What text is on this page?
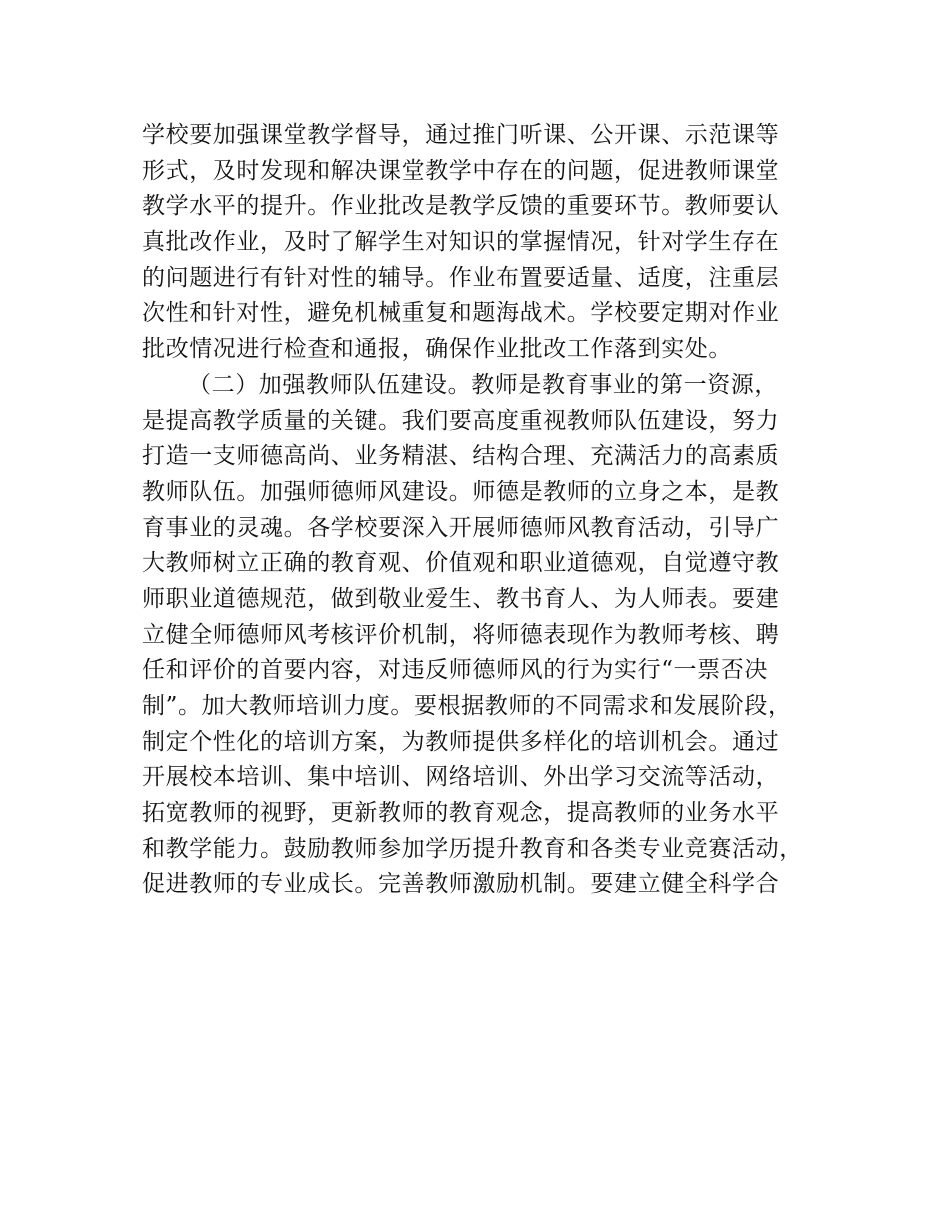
学校要加强课堂教学督导，通过推门听课、公开课、示范课等
形式，及时发现和解决课堂教学中存在的问题，促进教师课堂
教学水平的提升。作业批改是教学反馈的重要环节。教师要认
真批改作业，及时了解学生对知识的掌握情况，针对学生存在
的问题进行有针对性的辅导。作业布置要适量、适度，注重层
次性和针对性，避免机械重复和题海战术。学校要定期对作业
批改情况进行检查和通报，确保作业批改工作落到实处。
（二）加强教师队伍建设。教师是教育事业的第一资源，
是提高教学质量的关键。我们要高度重视教师队伍建设，努力
打造一支师德高尚、业务精湛、结构合理、充满活力的高素质
教师队伍。加强师德师风建设。师德是教师的立身之本，是教
育事业的灵魂。各学校要深入开展师德师风教育活动，引导广
大教师树立正确的教育观、价值观和职业道德观，自觉遵守教
师职业道德规范，做到敬业爱生、教书育人、为人师表。要建
立健全师德师风考核评价机制，将师德表现作为教师考核、聘
任和评价的首要内容，对违反师德师风的行为实行“一票否决
制”。加大教师培训力度。要根据教师的不同需求和发展阶段，
制定个性化的培训方案，为教师提供多样化的培训机会。通过
开展校本培训、集中培训、网络培训、外出学习交流等活动，
拓宽教师的视野，更新教师的教育观念，提高教师的业务水平
和教学能力。鼓励教师参加学历提升教育和各类专业竞赛活动，
促进教师的专业成长。完善教师激励机制。要建立健全科学合
